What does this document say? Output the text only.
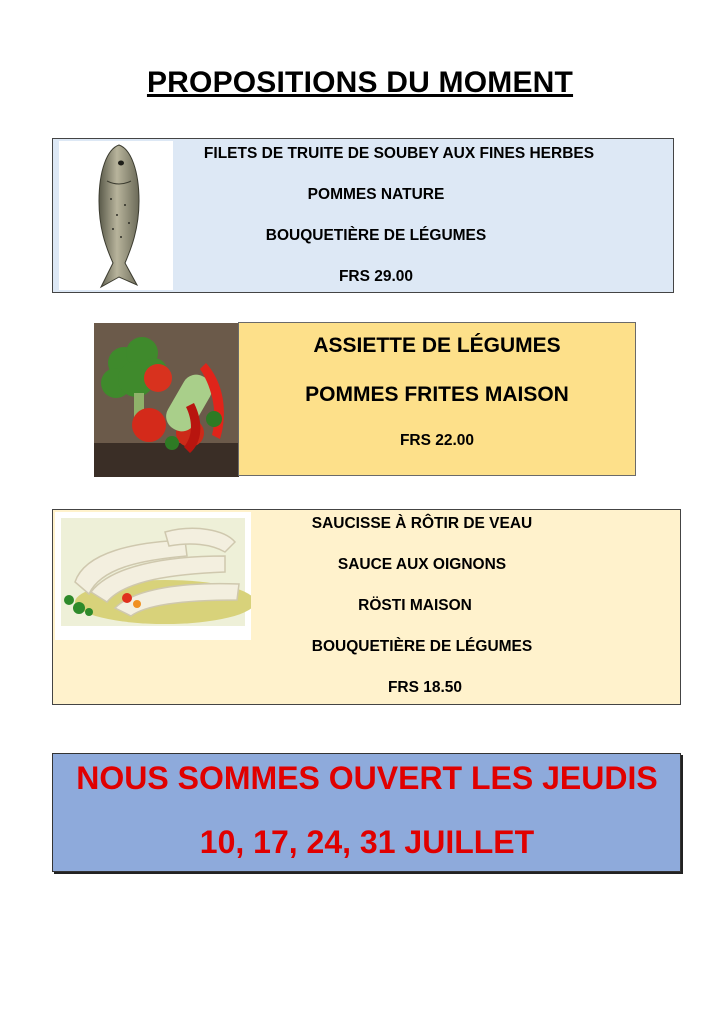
PROPOSITIONS DU MOMENT
FILETS DE TRUITE DE SOUBEY AUX FINES HERBES
POMMES NATURE
BOUQUETIÈRE DE LÉGUMES
FRS 29.00
ASSIETTE DE LÉGUMES
POMMES FRITES MAISON
FRS 22.00
SAUCISSE À RÔTIR DE VEAU
SAUCE AUX OIGNONS
RÖSTI MAISON
BOUQUETIÈRE DE LÉGUMES
FRS 18.50
NOUS SOMMES OUVERT LES JEUDIS
10, 17, 24, 31 JUILLET
